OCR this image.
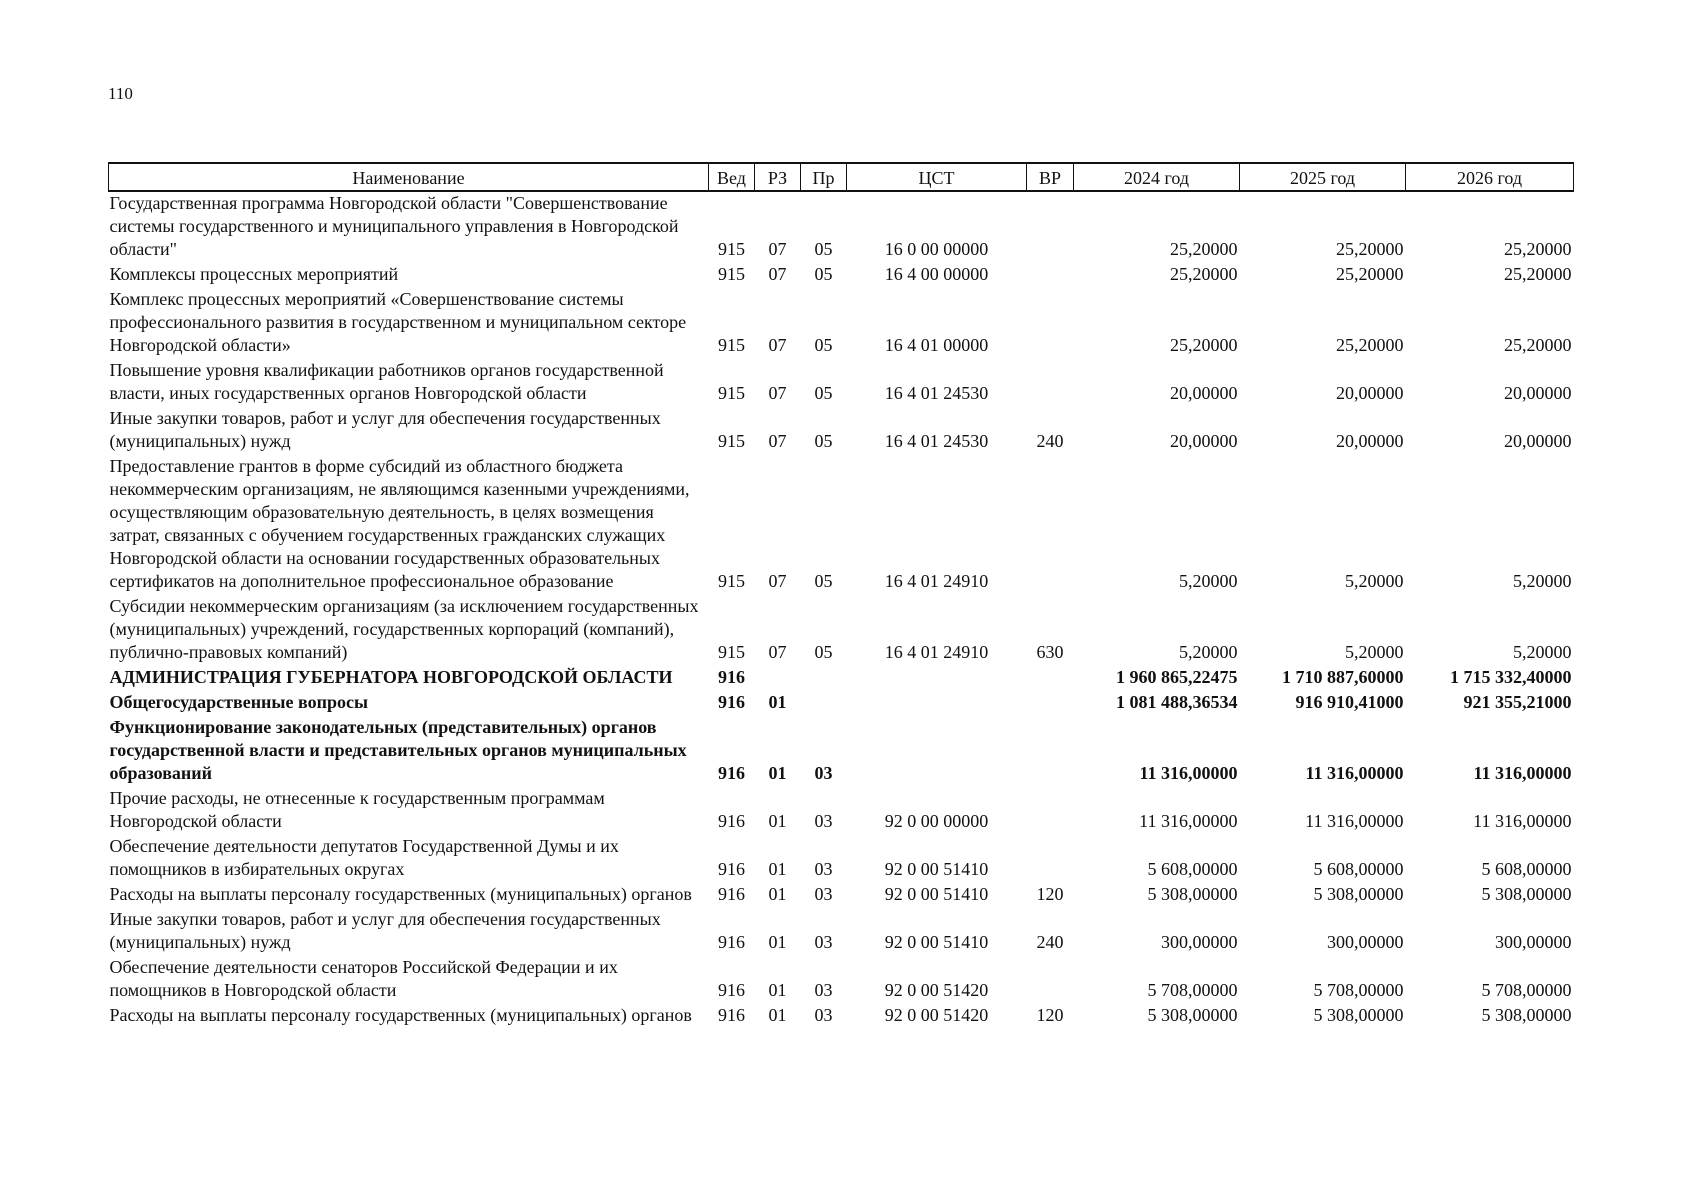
110
Наименование	Вед	РЗ	Пр	ЦСТ	ВР	2024 год	2025 год	2026 год
Государственная программа Новгородской области "Совершенствование системы государственного и муниципального управления в Новгородской области"	915	07	05	16 0 00 00000		25,20000	25,20000	25,20000
Комплексы процессных мероприятий	915	07	05	16 4 00 00000		25,20000	25,20000	25,20000
Комплекс процессных мероприятий «Совершенствование системы профессионального развития в государственном и муниципальном секторе Новгородской области»	915	07	05	16 4 01 00000		25,20000	25,20000	25,20000
Повышение уровня квалификации работников органов государственной власти, иных государственных органов Новгородской области	915	07	05	16 4 01 24530		20,00000	20,00000	20,00000
Иные закупки товаров, работ и услуг для обеспечения государственных (муниципальных) нужд	915	07	05	16 4 01 24530	240	20,00000	20,00000	20,00000
Предоставление грантов в форме субсидий из областного бюджета некоммерческим организациям, не являющимся казенными учреждениями, осуществляющим образовательную деятельность, в целях возмещения затрат, связанных с обучением государственных гражданских служащих Новгородской области на основании государственных образовательных сертификатов на дополнительное профессиональное образование	915	07	05	16 4 01 24910		5,20000	5,20000	5,20000
Субсидии некоммерческим организациям (за исключением государственных (муниципальных) учреждений, государственных корпораций (компаний), публично-правовых компаний)	915	07	05	16 4 01 24910	630	5,20000	5,20000	5,20000
АДМИНИСТРАЦИЯ ГУБЕРНАТОРА НОВГОРОДСКОЙ ОБЛАСТИ	916					1 960 865,22475	1 710 887,60000	1 715 332,40000
Общегосударственные вопросы	916	01				1 081 488,36534	916 910,41000	921 355,21000
Функционирование законодательных (представительных) органов государственной власти и представительных органов муниципальных образований	916	01	03			11 316,00000	11 316,00000	11 316,00000
Прочие расходы, не отнесенные к государственным программам Новгородской области	916	01	03	92 0 00 00000		11 316,00000	11 316,00000	11 316,00000
Обеспечение деятельности депутатов Государственной Думы и их помощников в избирательных округах	916	01	03	92 0 00 51410		5 608,00000	5 608,00000	5 608,00000
Расходы на выплаты персоналу государственных (муниципальных) органов	916	01	03	92 0 00 51410	120	5 308,00000	5 308,00000	5 308,00000
Иные закупки товаров, работ и услуг для обеспечения государственных (муниципальных) нужд	916	01	03	92 0 00 51410	240	300,00000	300,00000	300,00000
Обеспечение деятельности сенаторов Российской Федерации и их помощников в Новгородской области	916	01	03	92 0 00 51420		5 708,00000	5 708,00000	5 708,00000
Расходы на выплаты персоналу государственных (муниципальных) органов	916	01	03	92 0 00 51420	120	5 308,00000	5 308,00000	5 308,00000
